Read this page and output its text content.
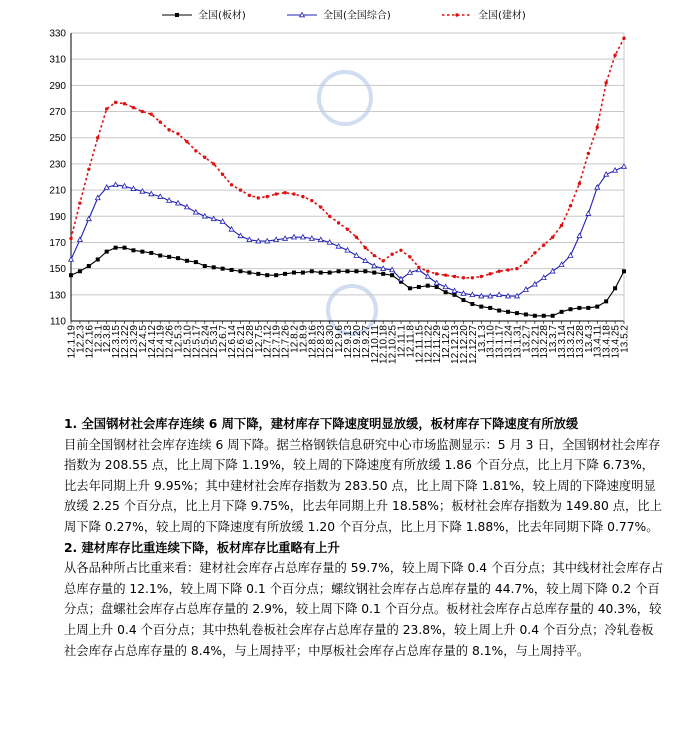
110
130
150
170
190
210
230
250
270
290
310
330
12.1.19
12.2.3
12.2.16
12.3.1
12.3.8
12.3.15
12.3.22
12.3.29
12.4.5
12.4.12
12.4.19
12.4.26
12.5.3
12.5.10
12.5.17
12.5.24
12.5.31
12.6.7
12.6.14
12.6.21
12.6.28
12.7.5
12.7.12
12.7.19
12.7.26
12.8.2
12.8.9
12.8.16
12.8.23
12.8.30
12.9.6
12.9.13
12.9.20
12.9.27
12.10.11
12.10.18
12.10.25
12.11.1
12.11.8
12.11.15
12.11.22
12.11.29
12.12.6
12.12.13
12.12.20
12.12.27
13.1.3
13.1.10
13.1.17
13.1.24
13.1.31
13.2.7
13.2.21
13.2.28
13.3.7
13.3.14
13.3.21
13.3.28
13.4.3
13.4.11
13.4.18
13.4.25
13.5.2
全国(板材)	全国(全国综合)	全国(建材)
1. 全国钢材社会库存连续 6 周下降，建材库存下降速度明显放缓，板材库存下降速度有所放缓

目前全国钢材社会库存连续 6 周下降。据兰格钢铁信息研究中心市场监测显示：5 月 3 日，全国钢材社会库存指数为 208.55 点，比上周下降 1.19%，较上周的下降速度有所放缓 1.86 个百分点，比上月下降 6.73%，比去年同期上升 9.95%；其中建材社会库存指数为 283.50 点，比上周下降 1.81%，较上周的下降速度明显放缓 2.25 个百分点，比上月下降 9.75%，比去年同期上升 18.58%；板材社会库存指数为 149.80 点，比上周下降 0.27%，较上周的下降速度有所放缓 1.20 个百分点，比上月下降 1.88%，比去年同期下降 0.77%。

2. 建材库存比重连续下降，板材库存比重略有上升

从各品种所占比重来看：建材社会库存占总库存量的 59.7%，较上周下降 0.4 个百分点；其中线材社会库存占总库存量的 12.1%，较上周下降 0.1 个百分点；螺纹钢社会库存占总库存量的 44.7%，较上周下降 0.2 个百分点；盘螺社会库存占总库存量的 2.9%，较上周下降 0.1 个百分点。板材社会库存占总库存量的 40.3%，较上周上升 0.4 个百分点；其中热轧卷板社会库存占总库存量的 23.8%，较上周上升 0.4 个百分点；冷轧卷板社会库存占总库存量的 8.4%，与上周持平；中厚板社会库存占总库存量的 8.1%，与上周持平。
